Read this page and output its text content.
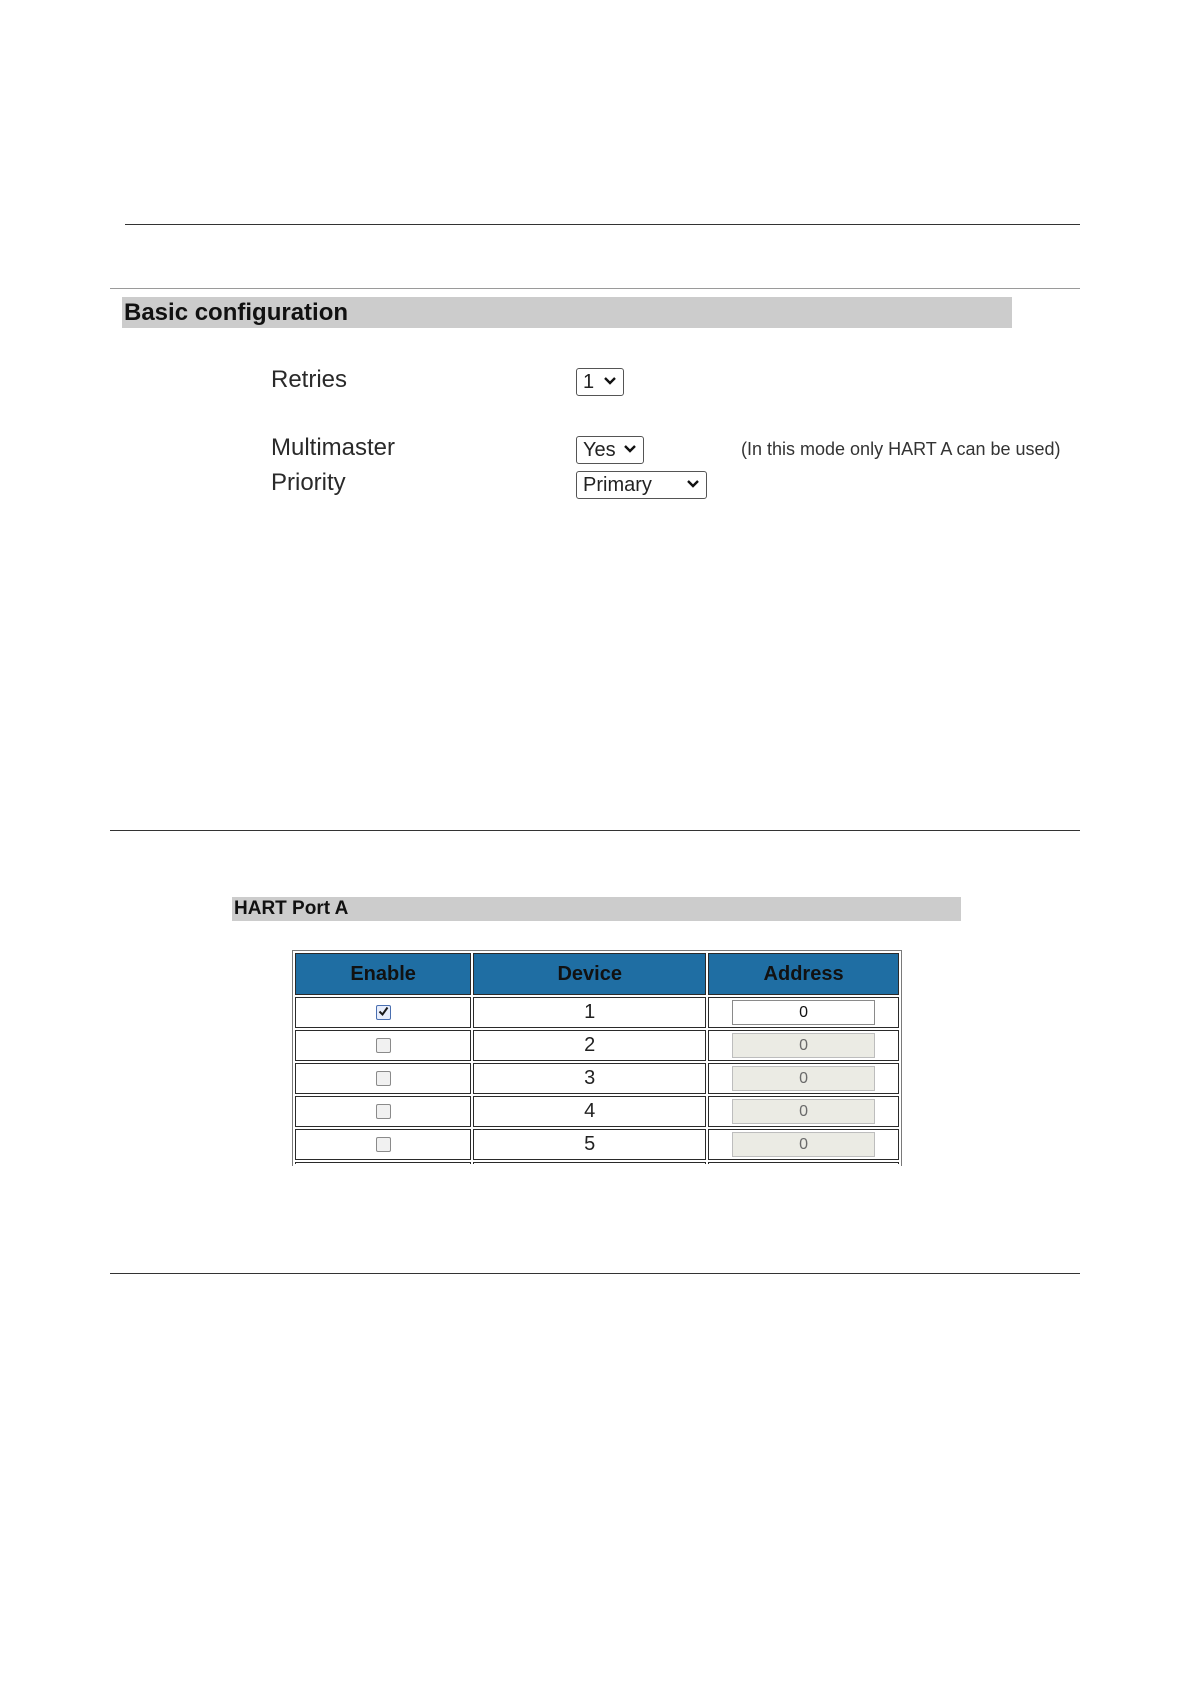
Basic configuration
Retries	1
Multimaster	Yes	(In this mode only HART A can be used)
Priority	Primary
HART Port A
Enable	Device	Address

	1	0
	2	0
	3	0
	4	0
	5	0
